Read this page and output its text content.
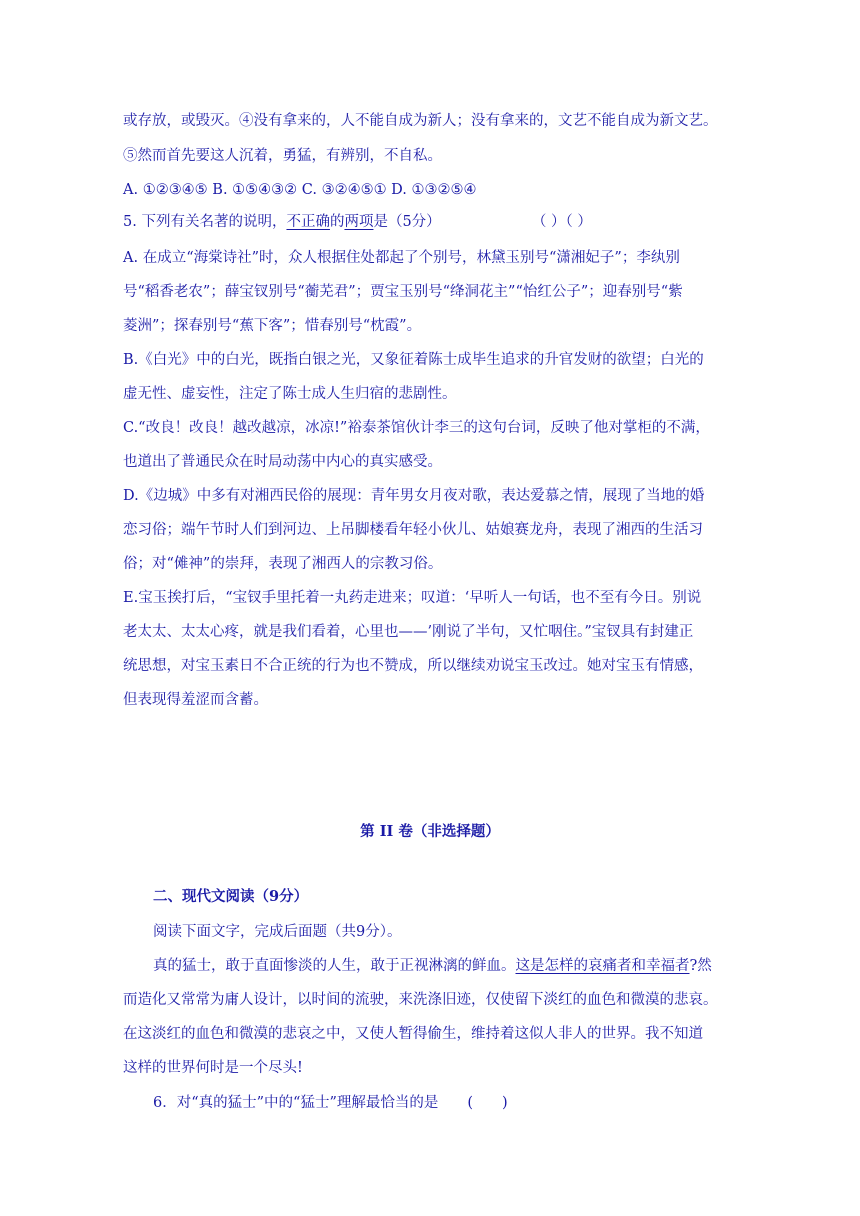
或存放，或毁灭。④没有拿来的，人不能自成为新人；没有拿来的，文艺不能自成为新文艺。
⑤然而首先要这人沉着，勇猛，有辨别，不自私。
A. ①②③④⑤ B. ①⑤④③② C. ③②④⑤① D. ①③②⑤④
5. 下列有关名著的说明，不正确的两项是（5分）	（ ）（ ）
A. 在成立“海棠诗社”时，众人根据住处都起了个别号，林黛玉别号“潇湘妃子”；李纨别
号“稻香老农”；薛宝钗别号“蘅芜君”；贾宝玉别号“绛洞花主”“怡红公子”；迎春别号“紫
菱洲”；探春别号“蕉下客”；惜春别号“枕霞”。
B.《白光》中的白光，既指白银之光，又象征着陈士成毕生追求的升官发财的欲望；白光的
虚无性、虚妄性，注定了陈士成人生归宿的悲剧性。
C.“改良！改良！越改越凉，冰凉!”裕泰茶馆伙计李三的这句台词，反映了他对掌柜的不满，
也道出了普通民众在时局动荡中内心的真实感受。
D.《边城》中多有对湘西民俗的展现：青年男女月夜对歌，表达爱慕之情，展现了当地的婚
恋习俗；端午节时人们到河边、上吊脚楼看年轻小伙儿、姑娘赛龙舟，表现了湘西的生活习
俗；对“傩神”的崇拜，表现了湘西人的宗教习俗。
E.宝玉挨打后，“宝钗手里托着一丸药走进来；叹道：‘早听人一句话，也不至有今日。别说
老太太、太太心疼，就是我们看着，心里也——’刚说了半句，又忙咽住。”宝钗具有封建正
统思想，对宝玉素日不合正统的行为也不赞成，所以继续劝说宝玉改过。她对宝玉有情感，
但表现得羞涩而含蓄。
第 II 卷（非选择题）
二、现代文阅读（9分）
阅读下面文字，完成后面题（共9分）。
真的猛士，敢于直面惨淡的人生，敢于正视淋漓的鲜血。这是怎样的哀痛者和幸福者?然
而造化又常常为庸人设计，以时间的流驶，来洗涤旧迹，仅使留下淡红的血色和微漠的悲哀。
在这淡红的血色和微漠的悲哀之中，又使人暂得偷生，维持着这似人非人的世界。我不知道
这样的世界何时是一个尽头!
6．对“真的猛士”中的“猛士”理解最恰当的是　　(　　)
